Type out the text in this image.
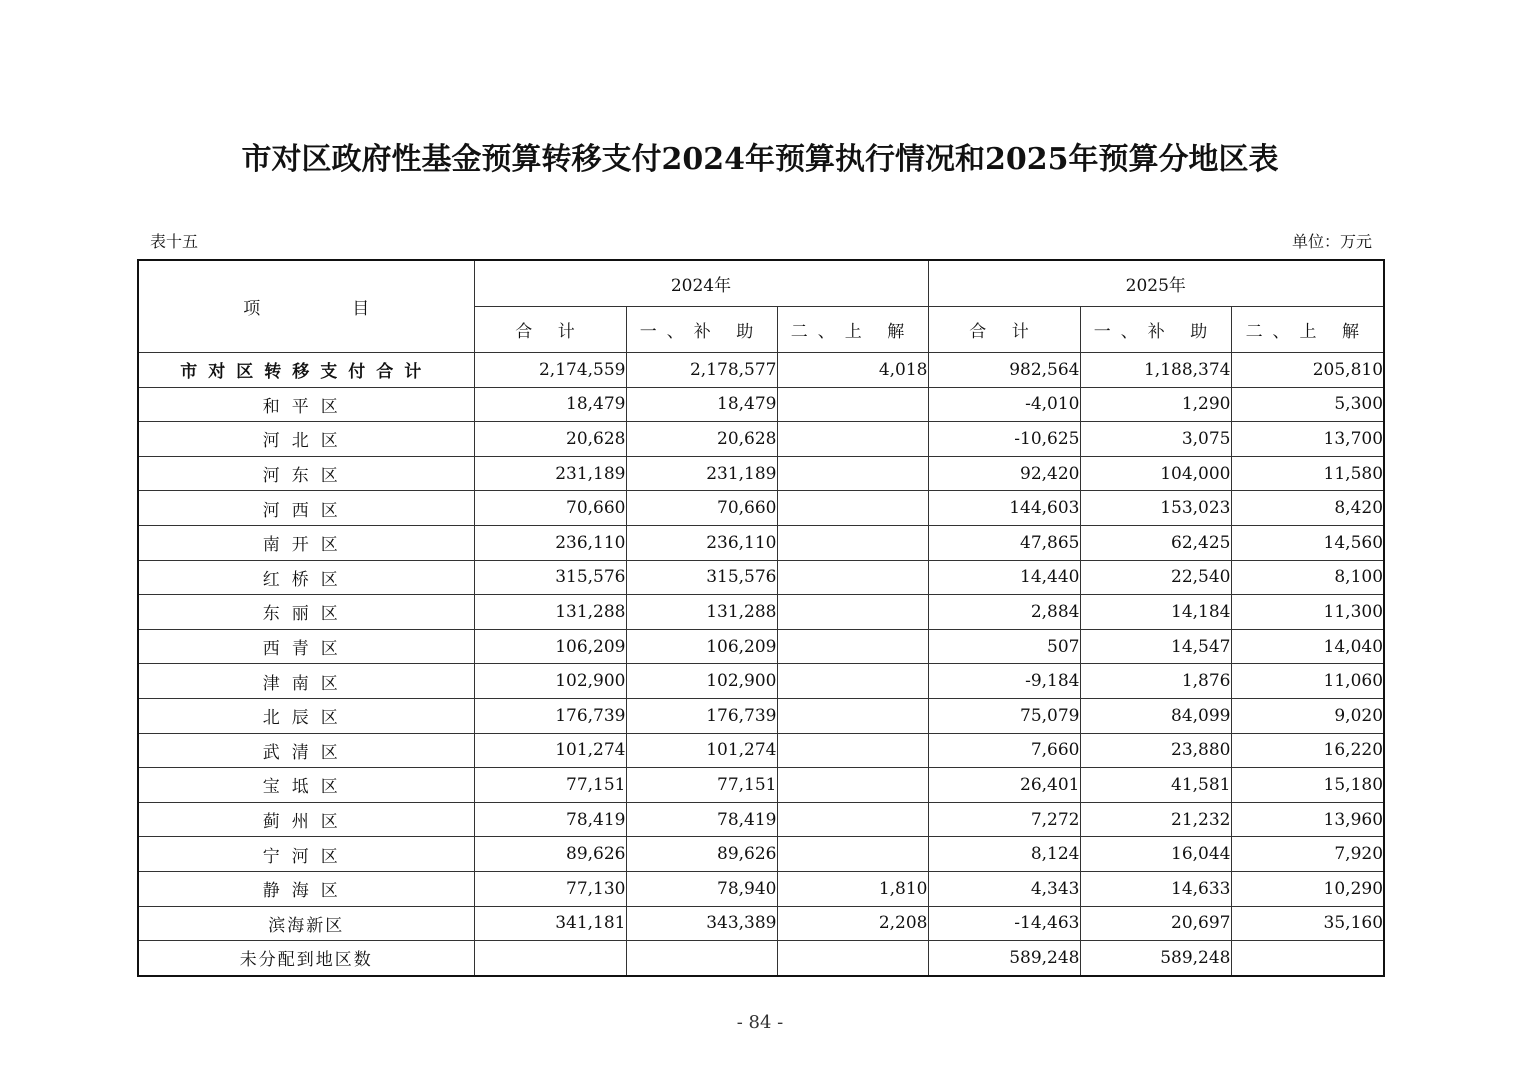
市对区政府性基金预算转移支付2024年预算执行情况和2025年预算分地区表
表十五	单位：万元
项 目	2024年			2025年		
	合 计	一、补 助	二、上 解	合 计	一、补 助	二、上 解
市对区转移支付合计	2,174,559	2,178,577	4,018	982,564	1,188,374	205,810
和平区	18,479	18,479		-4,010	1,290	5,300
河北区	20,628	20,628		-10,625	3,075	13,700
河东区	231,189	231,189		92,420	104,000	11,580
河西区	70,660	70,660		144,603	153,023	8,420
南开区	236,110	236,110		47,865	62,425	14,560
红桥区	315,576	315,576		14,440	22,540	8,100
东丽区	131,288	131,288		2,884	14,184	11,300
西青区	106,209	106,209		507	14,547	14,040
津南区	102,900	102,900		-9,184	1,876	11,060
北辰区	176,739	176,739		75,079	84,099	9,020
武清区	101,274	101,274		7,660	23,880	16,220
宝坻区	77,151	77,151		26,401	41,581	15,180
蓟州区	78,419	78,419		7,272	21,232	13,960
宁河区	89,626	89,626		8,124	16,044	7,920
静海区	77,130	78,940	1,810	4,343	14,633	10,290
滨海新区	341,181	343,389	2,208	-14,463	20,697	35,160
未分配到地区数				589,248	589,248	
- 84 -
